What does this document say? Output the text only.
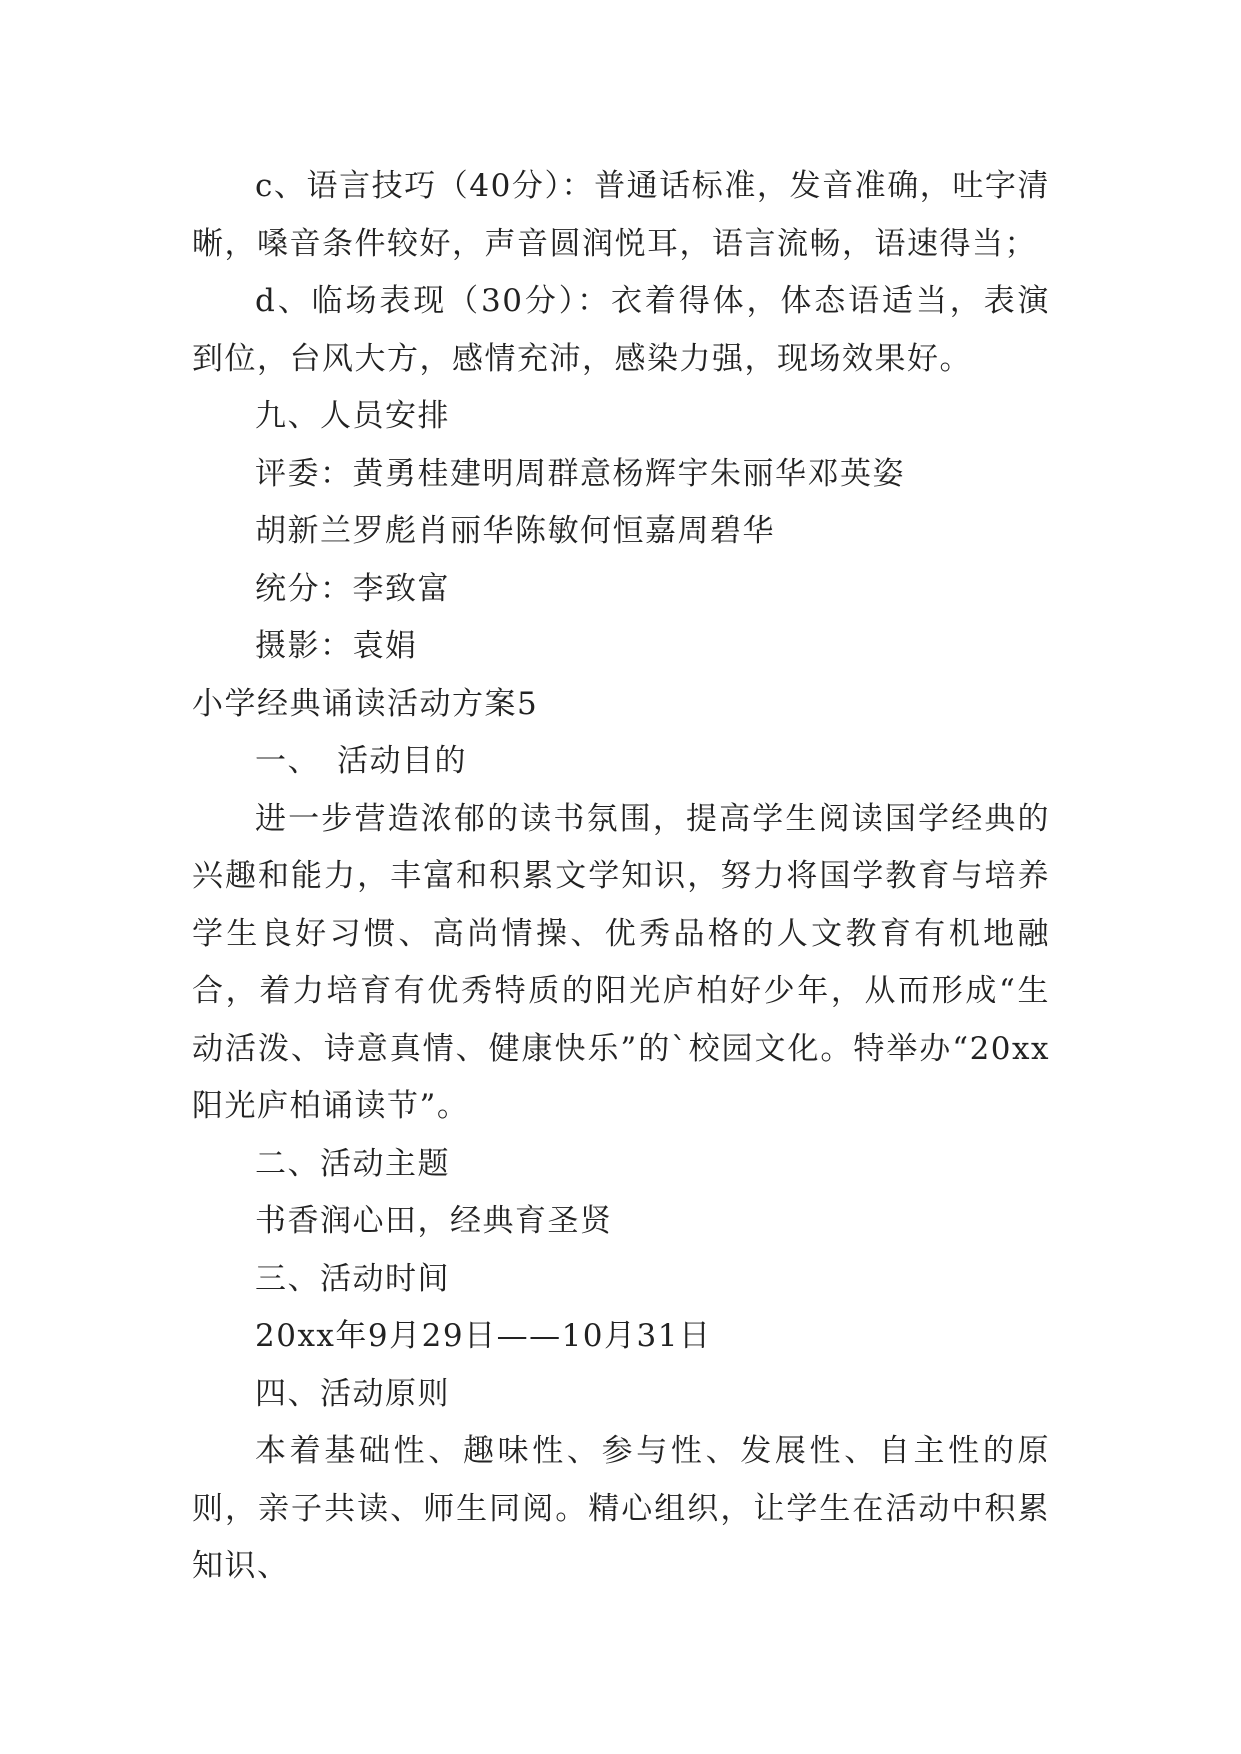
c、语言技巧（40分）：普通话标准，发音准确，吐字清晰，嗓音条件较好，声音圆润悦耳，语言流畅，语速得当；

d、临场表现（30分）：衣着得体，体态语适当，表演到位，台风大方，感情充沛，感染力强，现场效果好。

九、人员安排

评委：黄勇桂建明周群意杨辉宇朱丽华邓英姿

胡新兰罗彪肖丽华陈敏何恒嘉周碧华

统分：李致富

摄影：袁娟

小学经典诵读活动方案5

一、　活动目的

进一步营造浓郁的读书氛围，提高学生阅读国学经典的兴趣和能力，丰富和积累文学知识，努力将国学教育与培养学生良好习惯、高尚情操、优秀品格的人文教育有机地融合，着力培育有优秀特质的阳光庐柏好少年，从而形成“生动活泼、诗意真情、健康快乐”的`校园文化。特举办“20xx阳光庐柏诵读节”。

二、活动主题

书香润心田，经典育圣贤

三、活动时间

20xx年9月29日——10月31日

四、活动原则

本着基础性、趣味性、参与性、发展性、自主性的原则，亲子共读、师生同阅。精心组织，让学生在活动中积累知识、
